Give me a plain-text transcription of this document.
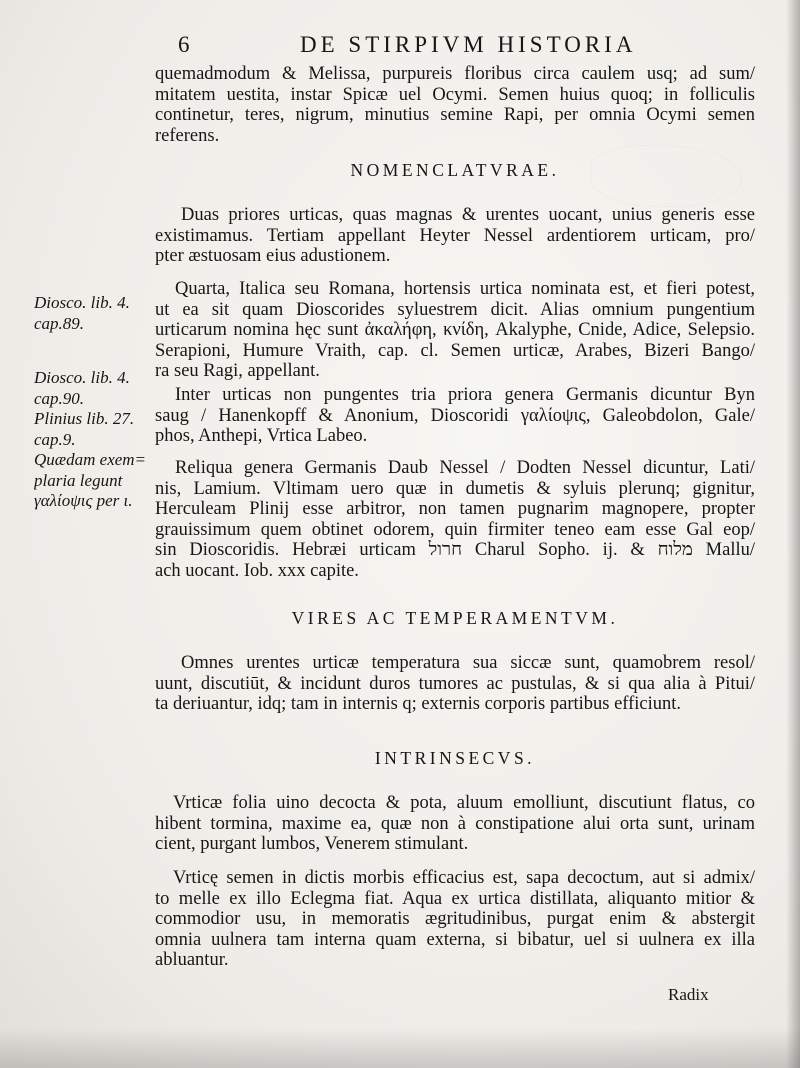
6	DE STIRPIVM HISTORIA
quemadmodum & Melissa, purpureis floribus circa caulem usq; ad sum/
mitatem uestita, instar Spicæ uel Ocymi. Semen huius quoq; in folliculis
continetur, teres, nigrum, minutius semine Rapi, per omnia Ocymi semen
referens.
NOMENCLATVRAE.
Duas priores urticas, quas magnas & urentes uocant, unius generis esse
existimamus. Tertiam appellant Heyter Nessel ardentiorem urticam, pro/
pter æstuosam eius adustionem.
Quarta, Italica seu Romana, hortensis urtica nominata est, et fieri potest,
ut ea sit quam Dioscorides syluestrem dicit. Alias omnium pungentium
urticarum nomina hęc sunt ἀκαλήφη, κνίδη, Akalyphe, Cnide, Adice, Selepsio.
Serapioni, Humure Vraith, cap. cl. Semen urticæ, Arabes, Bizeri Bango/
ra seu Ragi, appellant.
Inter urticas non pungentes tria priora genera Germanis dicuntur Byn
saug / Hanenkopff & Anonium, Dioscoridi γαλίοψις, Galeobdolon, Gale/
phos, Anthepi, Vrtica Labeo.
Reliqua genera Germanis Daub Nessel / Dodten Nessel dicuntur, Lati/
nis, Lamium. Vltimam uero quæ in dumetis & syluis plerunq; gignitur,
Herculeam Plinij esse arbitror, non tamen pugnarim magnopere, propter
grauissimum quem obtinet odorem, quin firmiter teneo eam esse Gal eop/
sin Dioscoridis. Hebræi urticam חרול Charul Sopho. ij. & מלוח Mallu/
ach uocant. Iob. xxx capite.
VIRES AC TEMPERAMENTVM.
Omnes urentes urticæ temperatura sua siccæ sunt, quamobrem resol/
uunt, discutiūt, & incidunt duros tumores ac pustulas, & si qua alia à Pitui/
ta deriuantur, idq; tam in internis q; externis corporis partibus efficiunt.
INTRINSECVS.
Vrticæ folia uino decocta & pota, aluum emolliunt, discutiunt flatus, co
hibent tormina, maxime ea, quæ non à constipatione alui orta sunt, urinam
cient, purgant lumbos, Venerem stimulant.
Vrticę semen in dictis morbis efficacius est, sapa decoctum, aut si admix/
to melle ex illo Eclegma fiat. Aqua ex urtica distillata, aliquanto mitior &
commodior usu, in memoratis ægritudinibus, purgat enim & abstergit
omnia uulnera tam interna quam externa, si bibatur, uel si uulnera ex illa
abluantur.
Diosco. lib. 4.
cap.89.
Diosco. lib. 4.
cap.90.
Plinius lib. 27.
cap.9.
Quædam exem=
plaria legunt
γαλίοψις per ι.
Radix
